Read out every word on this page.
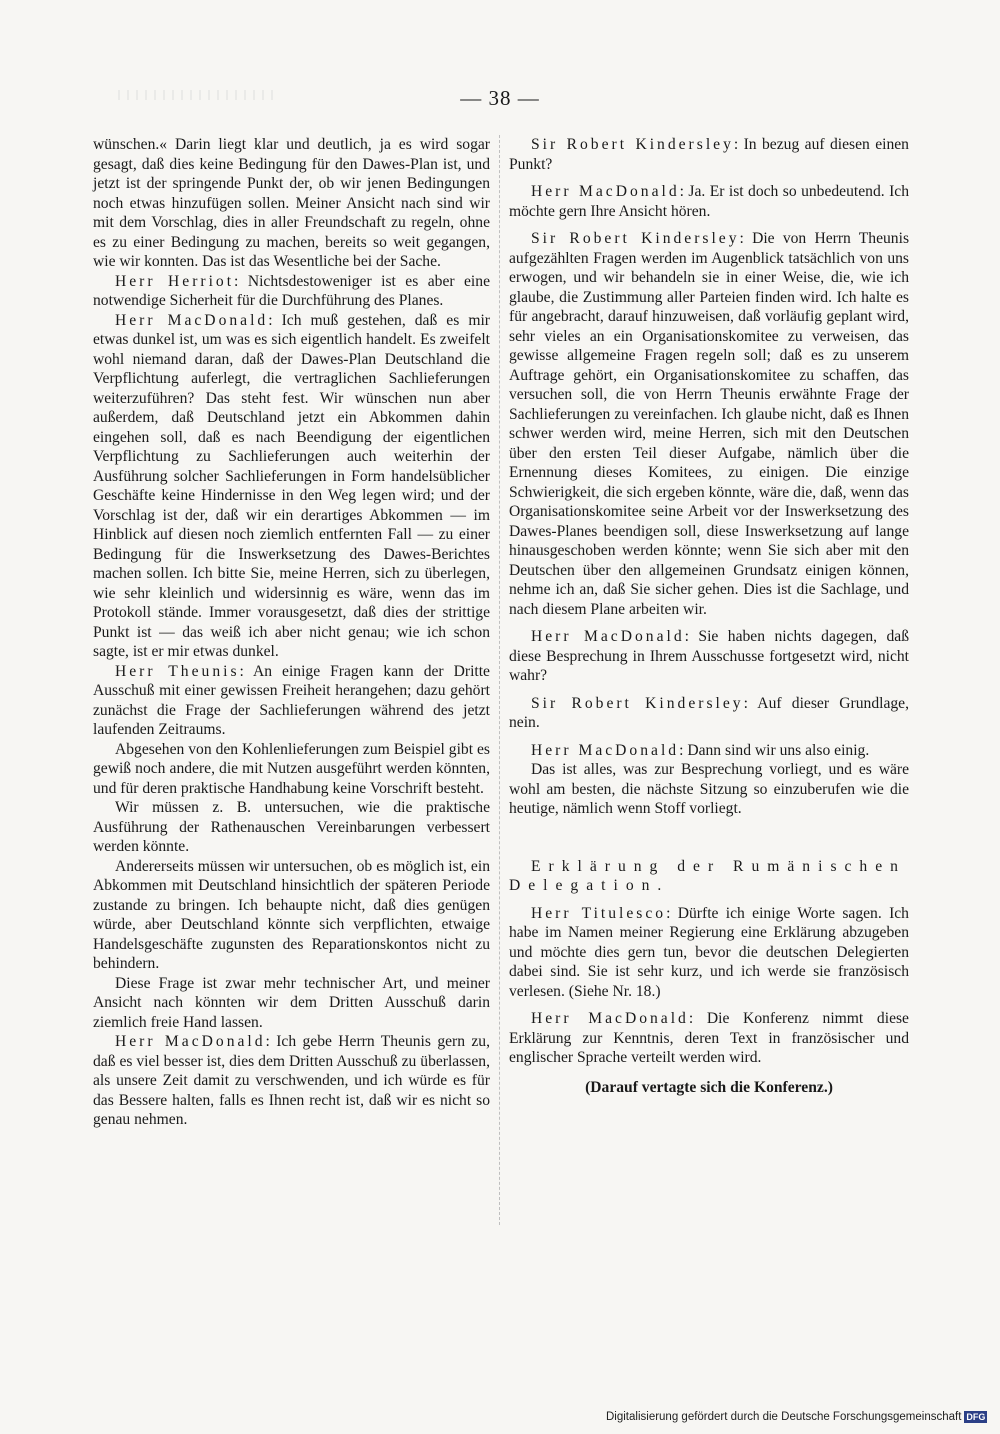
— 38 —

wünschen.« Darin liegt klar und deutlich, ja es wird sogar gesagt, daß dies keine Bedingung für den Dawes-Plan ist, und jetzt ist der springende Punkt der, ob wir jenen Bedingungen noch etwas hinzufügen sollen. Meiner Ansicht nach sind wir mit dem Vorschlag, dies in aller Freundschaft zu regeln, ohne es zu einer Bedingung zu machen, bereits so weit gegangen, wie wir konnten. Das ist das Wesentliche bei der Sache.

Herr Herriot: Nichtsdestoweniger ist es aber eine notwendige Sicherheit für die Durchführung des Planes.

Herr MacDonald: Ich muß gestehen, daß es mir etwas dunkel ist, um was es sich eigentlich handelt. Es zweifelt wohl niemand daran, daß der Dawes-Plan Deutschland die Verpflichtung auferlegt, die vertraglichen Sachlieferungen weiterzuführen? Das steht fest. Wir wünschen nun aber außerdem, daß Deutschland jetzt ein Abkommen dahin eingehen soll, daß es nach Beendigung der eigentlichen Verpflichtung zu Sachlieferungen auch weiterhin der Ausführung solcher Sachlieferungen in Form handelsüblicher Geschäfte keine Hindernisse in den Weg legen wird; und der Vorschlag ist der, daß wir ein derartiges Abkommen — im Hinblick auf diesen noch ziemlich entfernten Fall — zu einer Bedingung für die Inswerksetzung des Dawes-Berichtes machen sollen. Ich bitte Sie, meine Herren, sich zu überlegen, wie sehr kleinlich und widersinnig es wäre, wenn das im Protokoll stände. Immer vorausgesetzt, daß dies der strittige Punkt ist — das weiß ich aber nicht genau; wie ich schon sagte, ist er mir etwas dunkel.

Herr Theunis: An einige Fragen kann der Dritte Ausschuß mit einer gewissen Freiheit herangehen; dazu gehört zunächst die Frage der Sachlieferungen während des jetzt laufenden Zeitraums.

Abgesehen von den Kohlenlieferungen zum Beispiel gibt es gewiß noch andere, die mit Nutzen ausgeführt werden könnten, und für deren praktische Handhabung keine Vorschrift besteht.

Wir müssen z. B. untersuchen, wie die praktische Ausführung der Rathenauschen Vereinbarungen verbessert werden könnte.

Andererseits müssen wir untersuchen, ob es möglich ist, ein Abkommen mit Deutschland hinsichtlich der späteren Periode zustande zu bringen. Ich behaupte nicht, daß dies genügen würde, aber Deutschland könnte sich verpflichten, etwaige Handelsgeschäfte zugunsten des Reparationskontos nicht zu behindern.

Diese Frage ist zwar mehr technischer Art, und meiner Ansicht nach könnten wir dem Dritten Ausschuß darin ziemlich freie Hand lassen.

Herr MacDonald: Ich gebe Herrn Theunis gern zu, daß es viel besser ist, dies dem Dritten Ausschuß zu überlassen, als unsere Zeit damit zu verschwenden, und ich würde es für das Bessere halten, falls es Ihnen recht ist, daß wir es nicht so genau nehmen.

Sir Robert Kindersley: In bezug auf diesen einen Punkt?

Herr MacDonald: Ja. Er ist doch so unbedeutend. Ich möchte gern Ihre Ansicht hören.

Sir Robert Kindersley: Die von Herrn Theunis aufgezählten Fragen werden im Augenblick tatsächlich von uns erwogen, und wir behandeln sie in einer Weise, die, wie ich glaube, die Zustimmung aller Parteien finden wird. Ich halte es für angebracht, darauf hinzuweisen, daß vorläufig geplant wird, sehr vieles an ein Organisationskomitee zu verweisen, das gewisse allgemeine Fragen regeln soll; daß es zu unserem Auftrage gehört, ein Organisationskomitee zu schaffen, das versuchen soll, die von Herrn Theunis erwähnte Frage der Sachlieferungen zu vereinfachen. Ich glaube nicht, daß es Ihnen schwer werden wird, meine Herren, sich mit den Deutschen über den ersten Teil dieser Aufgabe, nämlich über die Ernennung dieses Komitees, zu einigen. Die einzige Schwierigkeit, die sich ergeben könnte, wäre die, daß, wenn das Organisationskomitee seine Arbeit vor der Inswerksetzung des Dawes-Planes beendigen soll, diese Inswerksetzung auf lange hinausgeschoben werden könnte; wenn Sie sich aber mit den Deutschen über den allgemeinen Grundsatz einigen können, nehme ich an, daß Sie sicher gehen. Dies ist die Sachlage, und nach diesem Plane arbeiten wir.

Herr MacDonald: Sie haben nichts dagegen, daß diese Besprechung in Ihrem Ausschusse fortgesetzt wird, nicht wahr?

Sir Robert Kindersley: Auf dieser Grundlage, nein.

Herr MacDonald: Dann sind wir uns also einig.

Das ist alles, was zur Besprechung vorliegt, und es wäre wohl am besten, die nächste Sitzung so einzuberufen wie die heutige, nämlich wenn Stoff vorliegt.

Erklärung der Rumänischen Delegation.

Herr Titulesco: Dürfte ich einige Worte sagen. Ich habe im Namen meiner Regierung eine Erklärung abzugeben und möchte dies gern tun, bevor die deutschen Delegierten dabei sind. Sie ist sehr kurz, und ich werde sie französisch verlesen. (Siehe Nr. 18.)

Herr MacDonald: Die Konferenz nimmt diese Erklärung zur Kenntnis, deren Text in französischer und englischer Sprache verteilt werden wird.

(Darauf vertagte sich die Konferenz.)

Digitalisierung gefördert durch die Deutsche Forschungsgemeinschaft DFG
